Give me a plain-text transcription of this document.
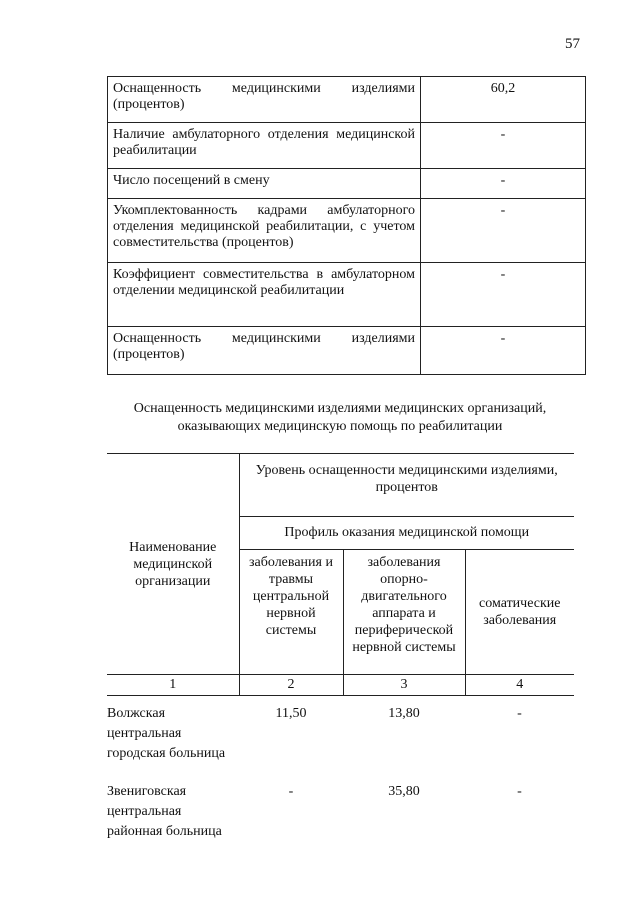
57
Оснащенность медицинскими изделиями (процентов)	60,2
Наличие амбулаторного отделения медицинской реабилитации	-
Число посещений в смену	-
Укомплектованность кадрами амбулаторного отделения медицинской реабилитации, с учетом совместительства (процентов)	-
Коэффициент совместительства в амбулаторном отделении медицинской реабилитации	-
Оснащенность медицинскими изделиями (процентов)	-
Оснащенность медицинскими изделиями медицинских организаций,
оказывающих медицинскую помощь по реабилитации
Наименование медицинской организации	Уровень оснащенности медицинскими изделиями, процентов		
	Профиль оказания медицинской помощи		
	заболевания и травмы центральной нервной системы	заболевания опорно-двигательного аппарата и периферической нервной системы	соматические заболевания
1	2	3	4
Волжская центральная городская больница	11,50	13,80	-
Звениговская центральная районная больница	-	35,80	-
